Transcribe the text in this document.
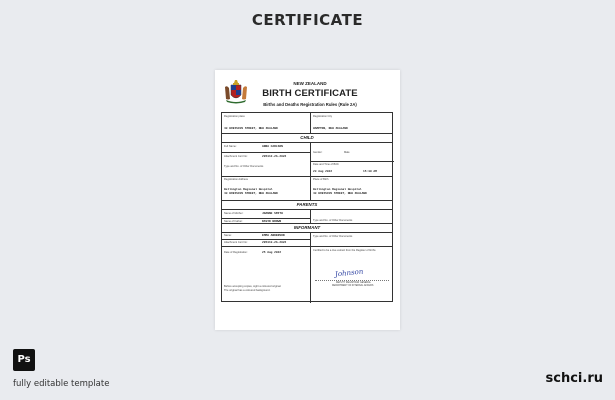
CERTIFICATE
NEW ZEALAND
BIRTH CERTIFICATE
Births and Deaths Registration Rules (Rule 2A)
Registration place
43 HIBISCUS STREET, NEW ZEALAND
Registration City
HAMPTON, NEW ZEALAND
CHILD
Full Name:	ANNA CARLSON
Attachment Cert No:	205312-2A-2022
Type and No. of Other Documents
Gender:	Male
Date and Time of Birth
23 Aug 2022	15:30 AM
Registration Address
Wellington Regional Hospital
43 HIBISCUS STREET, NEW ZEALAND
Place of Birth
Wellington Regional Hospital
43 HIBISCUS STREET, NEW ZEALAND
PARENTS
Name of Mother:	JOANNE SMITH
Name of Father:	DAVID BROWN	Type and No. of Other Documents
INFORMANT
Name:	EMMA ANDERSON
Attachment Cert No:	205313-2A-2022
Type and No. of Other Documents
Date of Registration:	25 Aug 2022
Certified to be a true extract from the Register of births
Johnson
DEPUTY REGISTRAR GENERAL
DEPARTMENT OF INTERNAL AFFAIRS
Before accepting copies, sight a coloured original.
The original has a coloured background.
Ps
fully editable template	schci.ru
